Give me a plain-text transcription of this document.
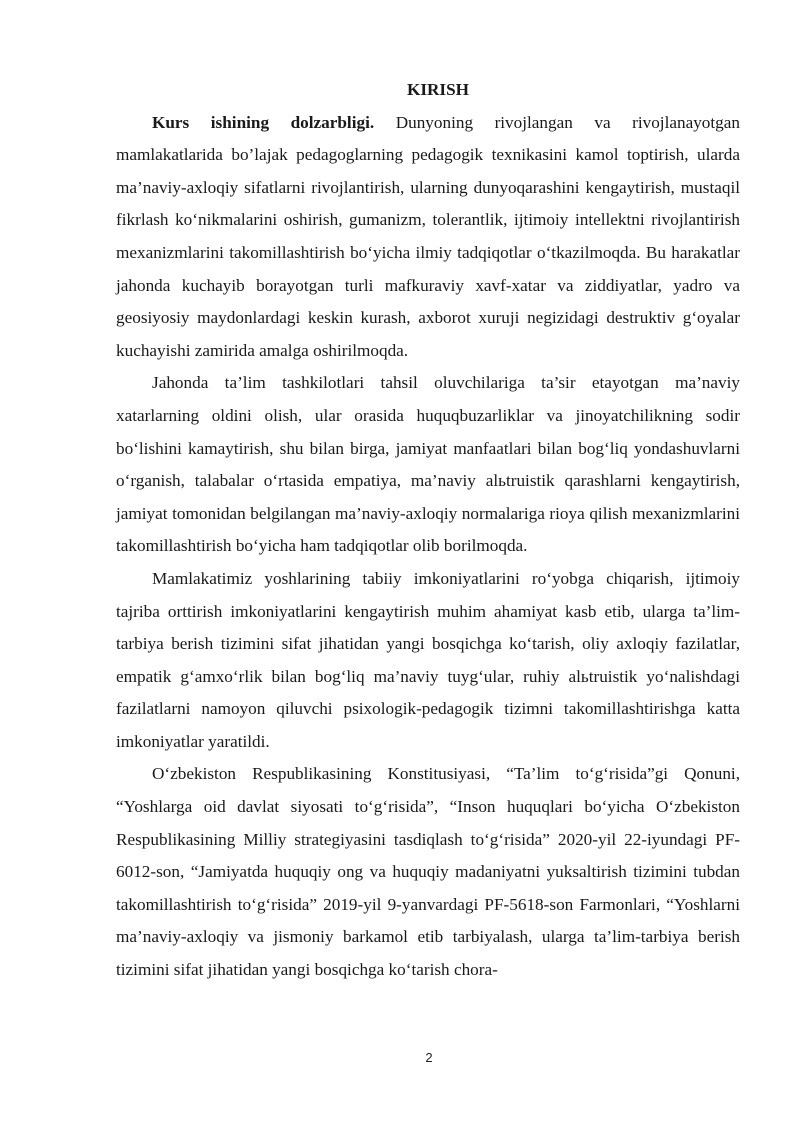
KIRISH

Kurs ishining dolzarbligi. Dunyoning rivojlangan va rivojlanayotgan mamlakatlarida bo’lajak pedagoglarning pedagogik texnikasini kamol toptirish, ularda ma’naviy-axloqiy sifatlarni rivojlantirish, ularning dunyoqarashini kengaytirish, mustaqil fikrlash ko‘nikmalarini oshirish, gumanizm, tolerantlik, ijtimoiy intellektni rivojlantirish mexanizmlarini takomillashtirish bo‘yicha ilmiy tadqiqotlar o‘tkazilmoqda. Bu harakatlar jahonda kuchayib borayotgan turli mafkuraviy xavf-xatar va ziddiyatlar, yadro va geosiyosiy maydonlardagi keskin kurash, axborot xuruji negizidagi destruktiv g‘oyalar kuchayishi zamirida amalga oshirilmoqda.

Jahonda ta’lim tashkilotlari tahsil oluvchilariga ta’sir etayotgan ma’naviy xatarlarning oldini olish, ular orasida huquqbuzarliklar va jinoyatchilikning sodir bo‘lishini kamaytirish, shu bilan birga, jamiyat manfaatlari bilan bog‘liq yondashuvlarni o‘rganish, talabalar o‘rtasida empatiya, ma’naviy alьtruistik qarashlarni kengaytirish, jamiyat tomonidan belgilangan ma’naviy-axloqiy normalariga rioya qilish mexanizmlarini takomillashtirish bo‘yicha ham tadqiqotlar olib borilmoqda.

Mamlakatimiz yoshlarining tabiiy imkoniyatlarini ro‘yobga chiqarish, ijtimoiy tajriba orttirish imkoniyatlarini kengaytirish muhim ahamiyat kasb etib, ularga ta’lim-tarbiya berish tizimini sifat jihatidan yangi bosqichga ko‘tarish, oliy axloqiy fazilatlar, empatik g‘amxo‘rlik bilan bog‘liq ma’naviy tuyg‘ular, ruhiy alьtruistik yo‘nalishdagi fazilatlarni namoyon qiluvchi psixologik-pedagogik tizimni takomillashtirishga katta imkoniyatlar yaratildi.

O‘zbekiston Respublikasining Konstitusiyasi, “Ta’lim to‘g‘risida”gi Qonuni, “Yoshlarga oid davlat siyosati to‘g‘risida”, “Inson huquqlari bo‘yicha O‘zbekiston Respublikasining Milliy strategiyasini tasdiqlash to‘g‘risida” 2020-yil 22-iyundagi PF-6012-son, “Jamiyatda huquqiy ong va huquqiy madaniyatni yuksaltirish tizimini tubdan takomillashtirish to‘g‘risida” 2019-yil 9-yanvardagi PF-5618-son Farmonlari, “Yoshlarni ma’naviy-axloqiy va jismoniy barkamol etib tarbiyalash, ularga ta’lim-tarbiya berish tizimini sifat jihatidan yangi bosqichga ko‘tarish chora-

2
